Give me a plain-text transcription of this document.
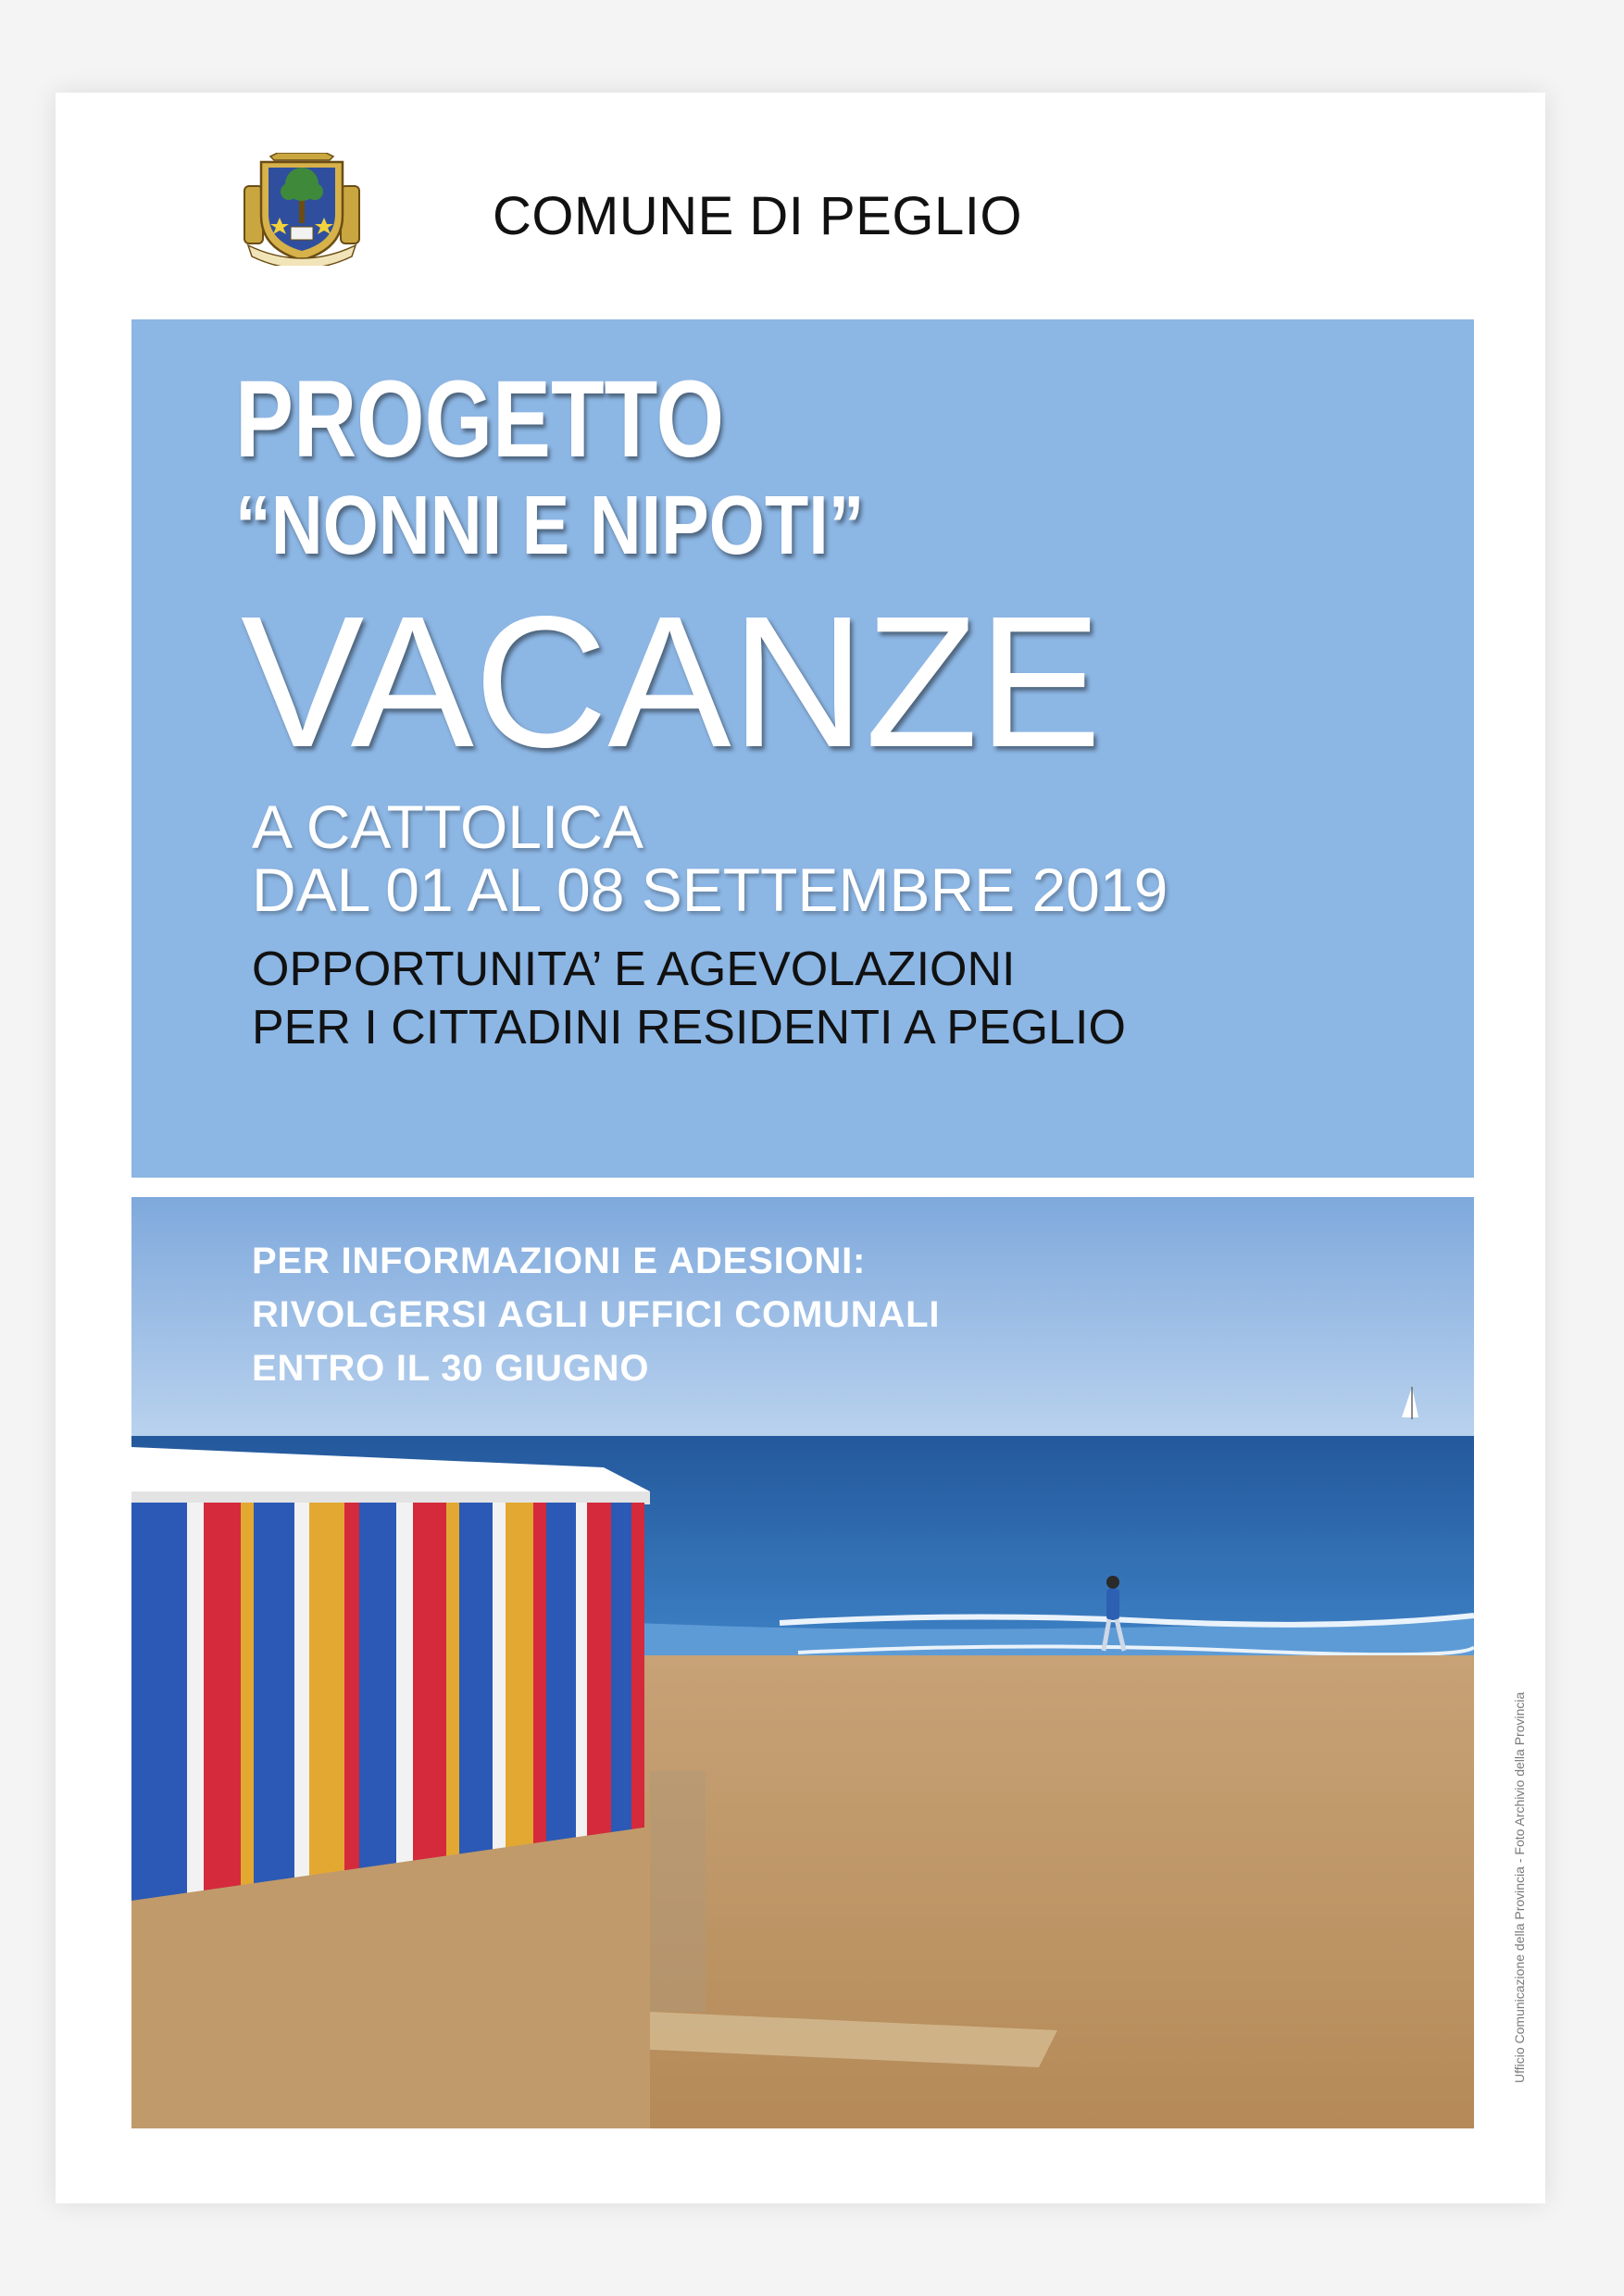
COMUNE DI PEGLIO
PROGETTO
“NONNI E NIPOTI”
VACANZE
A CATTOLICA
DAL 01 AL 08 SETTEMBRE 2019
OPPORTUNITA’ E AGEVOLAZIONI
PER I CITTADINI RESIDENTI A PEGLIO
PER INFORMAZIONI E ADESIONI:
RIVOLGERSI AGLI UFFICI COMUNALI
ENTRO IL 30 GIUGNO
Ufficio Comunicazione della Provincia - Foto Archivio della Provincia
